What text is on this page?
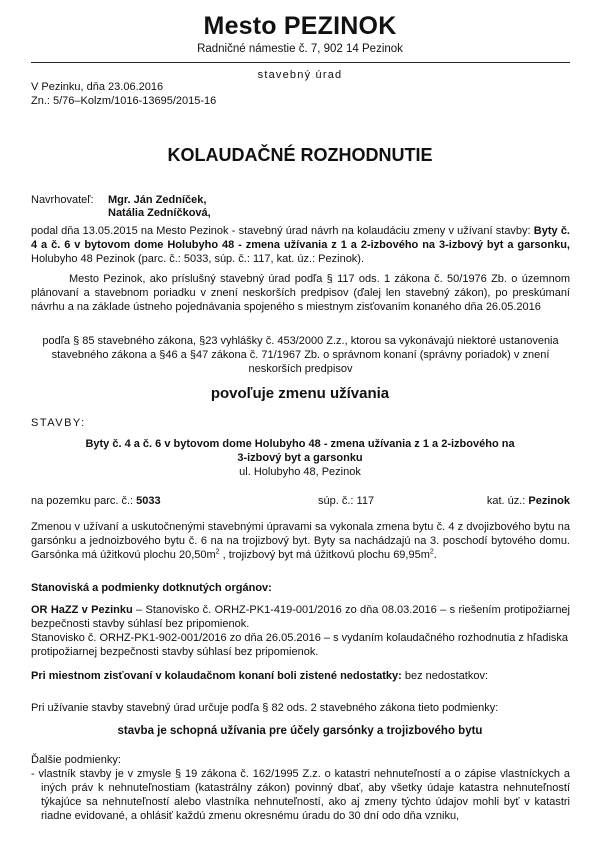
Mesto PEZINOK
Radničné námestie č. 7, 902 14 Pezinok
stavebný úrad
V Pezinku, dňa 23.06.2016
Zn.: 5/76–Kolzm/1016-13695/2015-16
KOLAUDAČNÉ ROZHODNUTIE
Navrhovateľ: Mgr. Ján Zedníček,
Natália Zedníčková,
podal dňa 13.05.2015 na Mesto Pezinok - stavebný úrad návrh na kolaudáciu zmeny v užívaní stavby: Byty č. 4 a č. 6 v bytovom dome Holubyho 48 - zmena užívania z 1 a 2-izbového na 3-izbový byt a garsonku, Holubyho 48 Pezinok (parc. č.: 5033, súp. č.: 117, kat. úz.: Pezinok).
Mesto Pezinok, ako príslušný stavebný úrad podľa § 117 ods. 1 zákona č. 50/1976 Zb. o územnom plánovaní a stavebnom poriadku v znení neskorších predpisov (ďalej len stavebný zákon), po preskúmaní návrhu a na základe ústneho pojednávania spojeného s miestnym zisťovaním konaného dňa 26.05.2016
podľa § 85 stavebného zákona, §23 vyhlášky č. 453/2000 Z.z., ktorou sa vykonávajú niektoré ustanovenia stavebného zákona a §46 a §47 zákona č. 71/1967 Zb. o správnom konaní (správny poriadok) v znení neskorších predpisov
povoľuje zmenu užívania
STAVBY:
Byty č. 4 a č. 6 v bytovom dome Holubyho 48 - zmena užívania z 1 a 2-izbového na
3-izbový byt a garsonku
ul. Holubyho 48, Pezinok
na pozemku parc. č.: 5033	súp. č.: 117	kat. úz.: Pezinok
Zmenou v užívaní a uskutočnenými stavebnými úpravami sa vykonala zmena bytu č. 4 z dvojizbového bytu na garsónku a jednoizbového bytu č. 6 na na trojizbový byt. Byty sa nachádzajú na 3. poschodí bytového domu. Garsónka má úžitkovú plochu $20,50m^2$ , trojizbový byt má úžitkovú plochu $69,95m^2$.
Stanoviská a podmienky dotknutých orgánov:
OR HaZZ v Pezinku – Stanovisko č. ORHZ-PK1-419-001/2016 zo dňa 08.03.2016 – s riešením protipožiarnej bezpečnosti stavby súhlasí bez pripomienok.
Stanovisko č. ORHZ-PK1-902-001/2016 zo dňa 26.05.2016 – s vydaním kolaudačného rozhodnutia z hľadiska protipožiarnej bezpečnosti stavby súhlasí bez pripomienok.
Pri miestnom zisťovaní v kolaudačnom konaní boli zistené nedostatky: bez nedostatkov:
Pri užívanie stavby stavebný úrad určuje podľa § 82 ods. 2 stavebného zákona tieto podmienky:
stavba je schopná užívania pre účely garsónky a trojizbového bytu
Ďalšie podmienky:
- vlastník stavby je v zmysle § 19 zákona č. 162/1995 Z.z. o katastri nehnuteľností a o zápise vlastníckych a iných práv k nehnuteľnostiam (katastrálny zákon) povinný dbať, aby všetky údaje katastra nehnuteľností týkajúce sa nehnuteľností alebo vlastníka nehnuteľností, ako aj zmeny týchto údajov mohli byť v katastri riadne evidované, a ohlásiť každú zmenu okresnému úradu do 30 dní odo dňa vzniku,
